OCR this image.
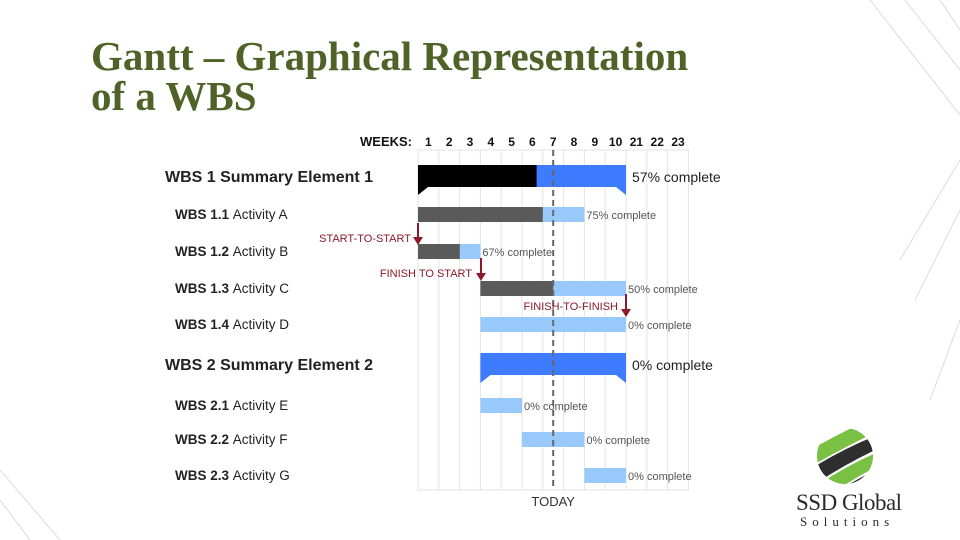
Gantt – Graphical Representation
of a WBS
WEEKS: 1 2 3 4 5 6 7 8 9 10 21 22 23
WBS 1 Summary Element 1	57% complete
WBS 1.1 Activity A	75% complete
WBS 1.2 Activity B	67% complete
WBS 1.3 Activity C	50% complete
WBS 1.4 Activity D	0% complete
WBS 2 Summary Element 2	0% complete
WBS 2.1 Activity E	0% complete
WBS 2.2 Activity F	0% complete
WBS 2.3 Activity G	0% complete
TODAY
START-TO-START
FINISH TO START
FINISH-TO-FINISH
SSD Global
Solutions
